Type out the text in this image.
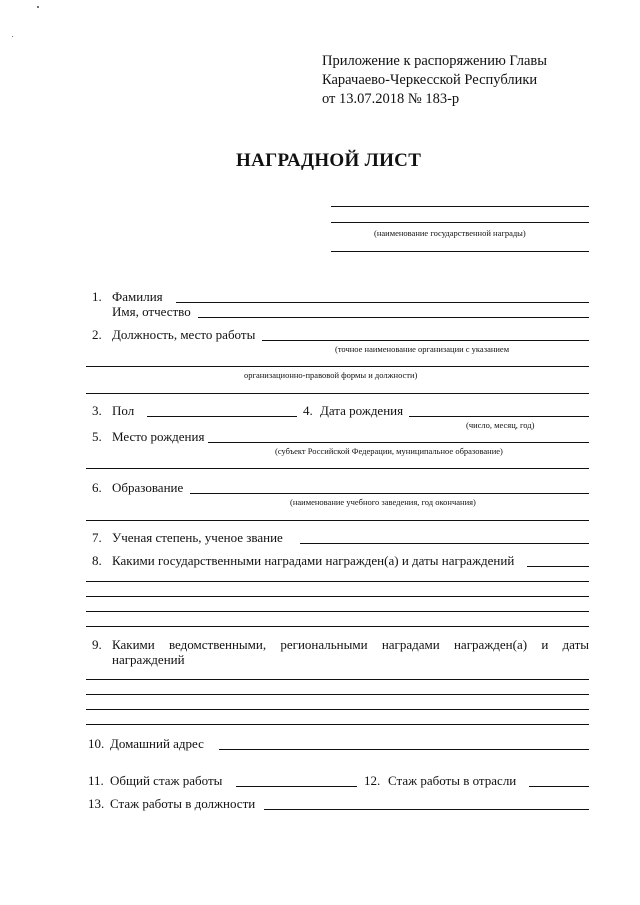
Приложение к распоряжению Главы
Карачаево-Черкесской Республики
от 13.07.2018 № 183-р
НАГРАДНОЙ ЛИСТ
(наименование государственной награды)
1. Фамилия
Имя, отчество
2. Должность, место работы
(точное наименование организации с указанием
организационно-правовой формы и должности)
3. Пол	4. Дата рождения
(число, месяц, год)
5. Место рождения
(субъект Российской Федерации, муниципальное образование)
6. Образование
(наименование учебного заведения, год окончания)
7. Ученая степень, ученое звание
8. Какими государственными наградами награжден(а) и даты награждений
9. Какими ведомственными, региональными наградами награжден(а) и даты
награждений
10. Домашний адрес
11. Общий стаж работы	12. Стаж работы в отрасли
13. Стаж работы в должности
